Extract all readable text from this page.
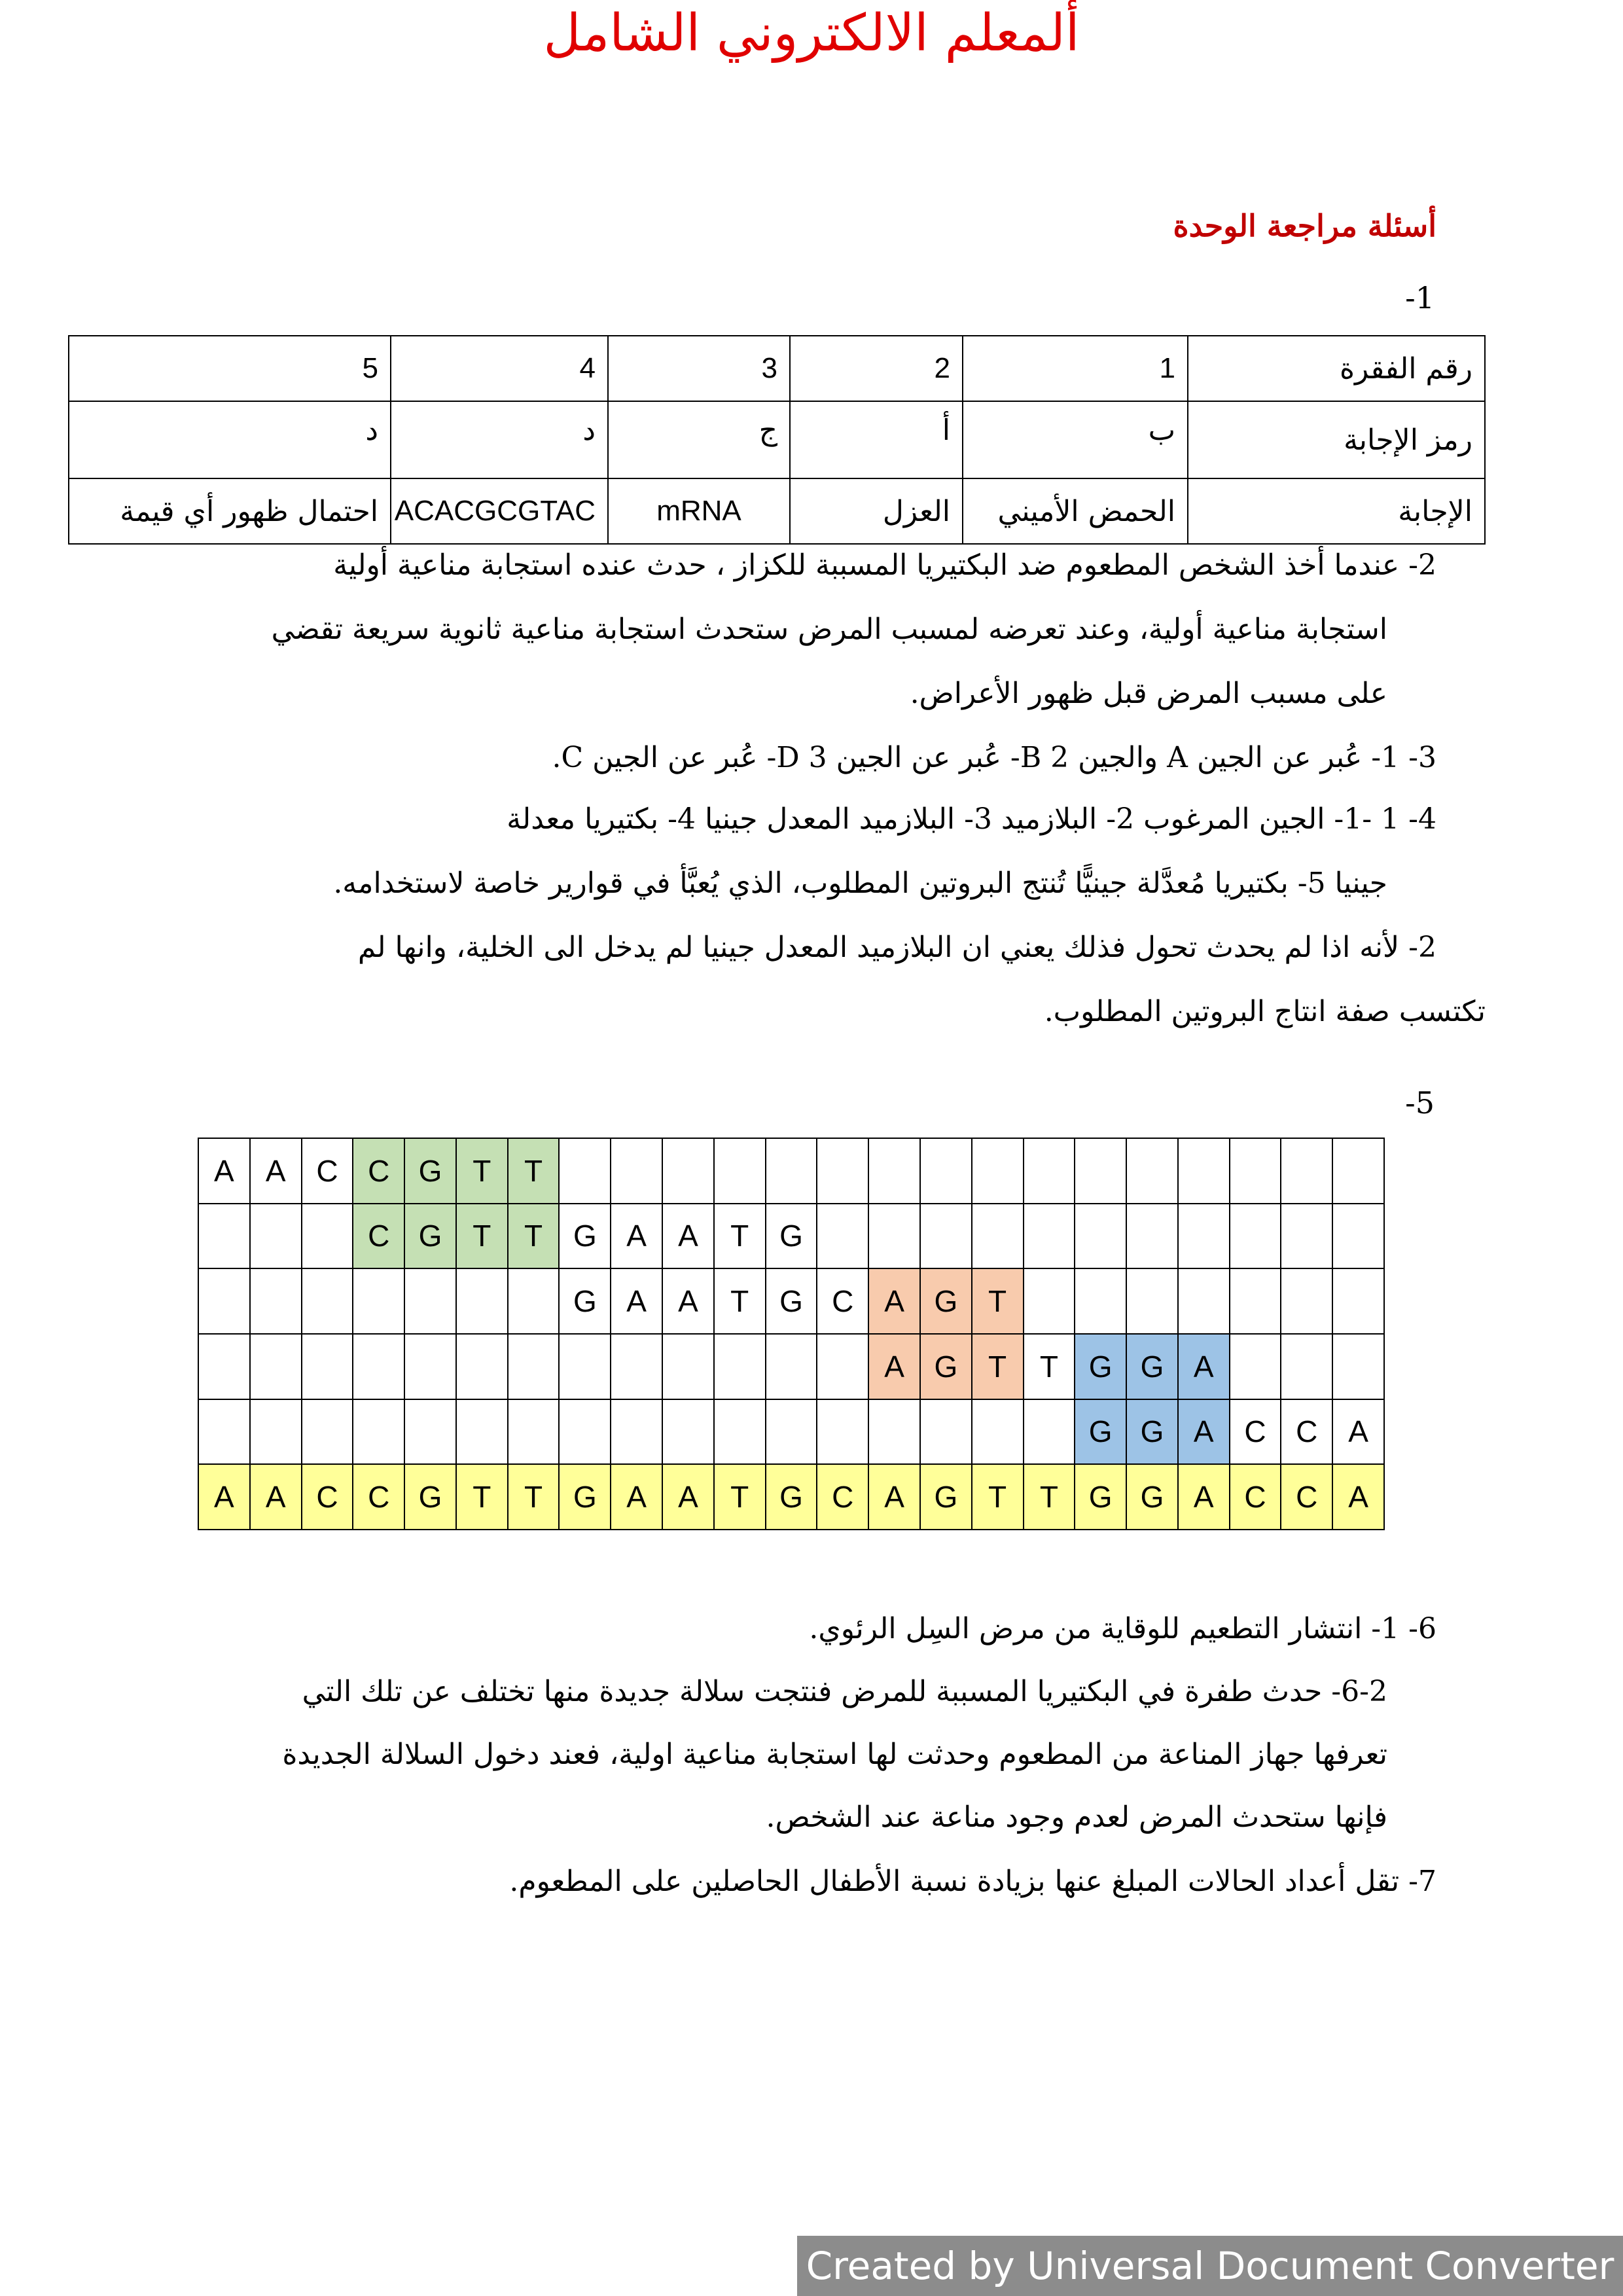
ألمعلم الالكتروني الشامل
أسئلة مراجعة الوحدة
1-
5	4	3	2	1	رقم الفقرة
د	د	ج	أ	ب	رمز الإجابة
احتمال ظهور أي قيمة	ACACGCGTAC	mRNA	العزل	الحمض الأميني	الإجابة
2- عندما أخذ الشخص المطعوم ضد البكتيريا المسببة للكزاز ، حدث عنده استجابة مناعية أولية
استجابة مناعية أولية، وعند تعرضه لمسبب المرض ستحدث استجابة مناعية ثانوية سريعة تقضي
على مسبب المرض قبل ظهور الأعراض.
3- 1- عُبر عن الجين A والجين B 2- عُبر عن الجين D 3- عُبر عن الجين C.
4- 1 -1- الجين المرغوب 2- البلازميد 3- البلازميد المعدل جينيا 4- بكتيريا معدلة
جينيا 5- بكتيريا مُعدَّلة جينيًّا تُنتج البروتين المطلوب، الذي يُعبَّأ في قوارير خاصة لاستخدامه.
2- لأنه اذا لم يحدث تحول فذلك يعني ان البلازميد المعدل جينيا لم يدخل الى الخلية، وانها لم
تكتسب صفة انتاج البروتين المطلوب.
5-
A	A	C	C	G	T	T																
			C	G	T	T	G	A	A	T	G											
							G	A	A	T	G	C	A	G	T							
													A	G	T	T	G	G	A			
																	G	G	A	C	C	A
A	A	C	C	G	T	T	G	A	A	T	G	C	A	G	T	T	G	G	A	C	C	A
6- 1- انتشار التطعيم للوقاية من مرض السِل الرئوي.
6-2- حدث طفرة في البكتيريا المسببة للمرض فنتجت سلالة جديدة منها تختلف عن تلك التي
تعرفها جهاز المناعة من المطعوم وحدثت لها استجابة مناعية اولية، فعند دخول السلالة الجديدة
فإنها ستحدث المرض لعدم وجود مناعة عند الشخص.
7- تقل أعداد الحالات المبلغ عنها بزيادة نسبة الأطفال الحاصلين على المطعوم.
Created by Universal Document Converter
